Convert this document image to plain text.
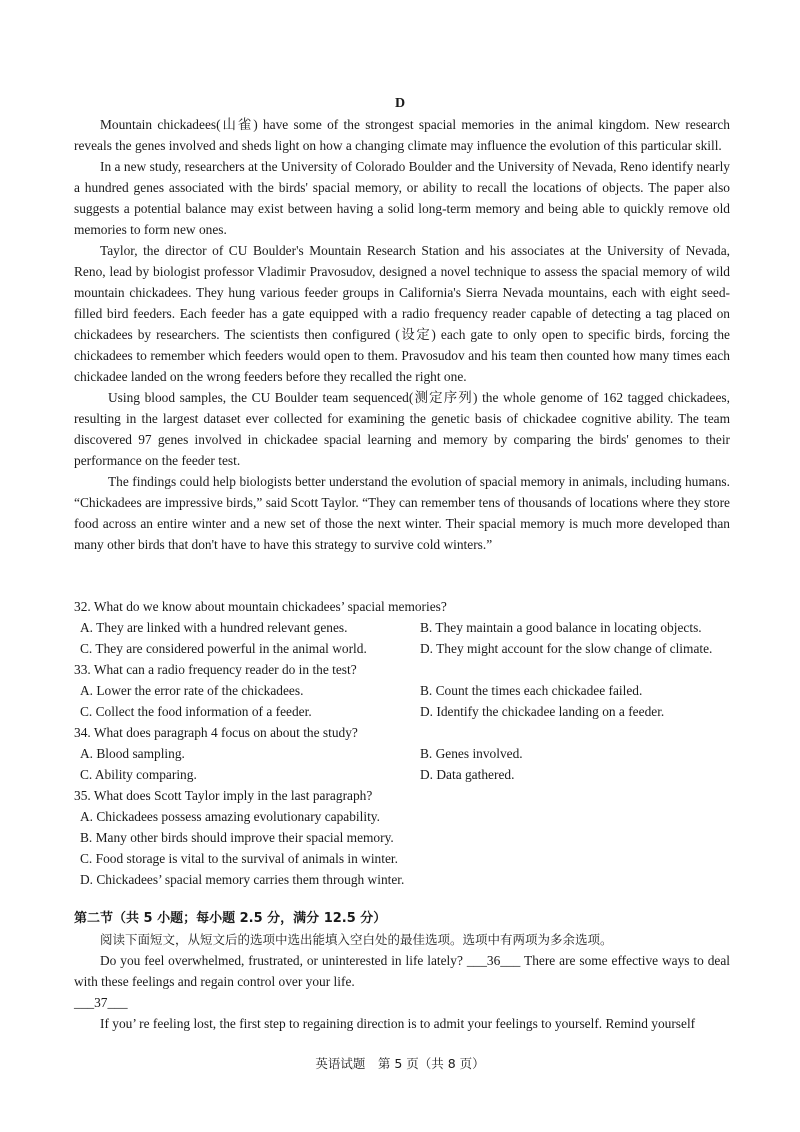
D

Mountain chickadees(山雀) have some of the strongest spacial memories in the animal kingdom. New research reveals the genes involved and sheds light on how a changing climate may influence the evolution of this particular skill.

In a new study, researchers at the University of Colorado Boulder and the University of Nevada, Reno identify nearly a hundred genes associated with the birds' spacial memory, or ability to recall the locations of objects. The paper also suggests a potential balance may exist between having a solid long-term memory and being able to quickly remove old memories to form new ones.

Taylor, the director of CU Boulder's Mountain Research Station and his associates at the University of Nevada, Reno, lead by biologist professor Vladimir Pravosudov, designed a novel technique to assess the spacial memory of wild mountain chickadees. They hung various feeder groups in California's Sierra Nevada mountains, each with eight seed-filled bird feeders. Each feeder has a gate equipped with a radio frequency reader capable of detecting a tag placed on chickadees by researchers. The scientists then configured (设定) each gate to only open to specific birds, forcing the chickadees to remember which feeders would open to them. Pravosudov and his team then counted how many times each chickadee landed on the wrong feeders before they recalled the right one.

Using blood samples, the CU Boulder team sequenced(测定序列) the whole genome of 162 tagged chickadees, resulting in the largest dataset ever collected for examining the genetic basis of chickadee cognitive ability. The team discovered 97 genes involved in chickadee spacial learning and memory by comparing the birds' genomes to their performance on the feeder test.

The findings could help biologists better understand the evolution of spacial memory in animals, including humans. “Chickadees are impressive birds,” said Scott Taylor. “They can remember tens of thousands of locations where they store food across an entire winter and a new set of those the next winter. Their spacial memory is much more developed than many other birds that don't have to have this strategy to survive cold winters.”

32. What do we know about mountain chickadees’ spacial memories?

A. They are linked with a hundred relevant genes.	B. They maintain a good balance in locating objects.
C. They are considered powerful in the animal world.	D. They might account for the slow change of climate.

33. What can a radio frequency reader do in the test?

A. Lower the error rate of the chickadees.	B. Count the times each chickadee failed.
C. Collect the food information of a feeder.	D. Identify the chickadee landing on a feeder.

34. What does paragraph 4 focus on about the study?

A. Blood sampling.	B. Genes involved.
C. Ability comparing.	D. Data gathered.

35. What does Scott Taylor imply in the last paragraph?

A. Chickadees possess amazing evolutionary capability.
B. Many other birds should improve their spacial memory.
C. Food storage is vital to the survival of animals in winter.
D. Chickadees’ spacial memory carries them through winter.

第二节（共 5 小题；每小题 2.5 分，满分 12.5 分）

阅读下面短文，从短文后的选项中选出能填入空白处的最佳选项。选项中有两项为多余选项。

Do you feel overwhelmed, frustrated, or uninterested in life lately? ___36___ There are some effective ways to deal with these feelings and regain control over your life.

___37___

If you’ re feeling lost, the first step to regaining direction is to admit your feelings to yourself. Remind yourself

英语试题　第 5 页（共 8 页）
